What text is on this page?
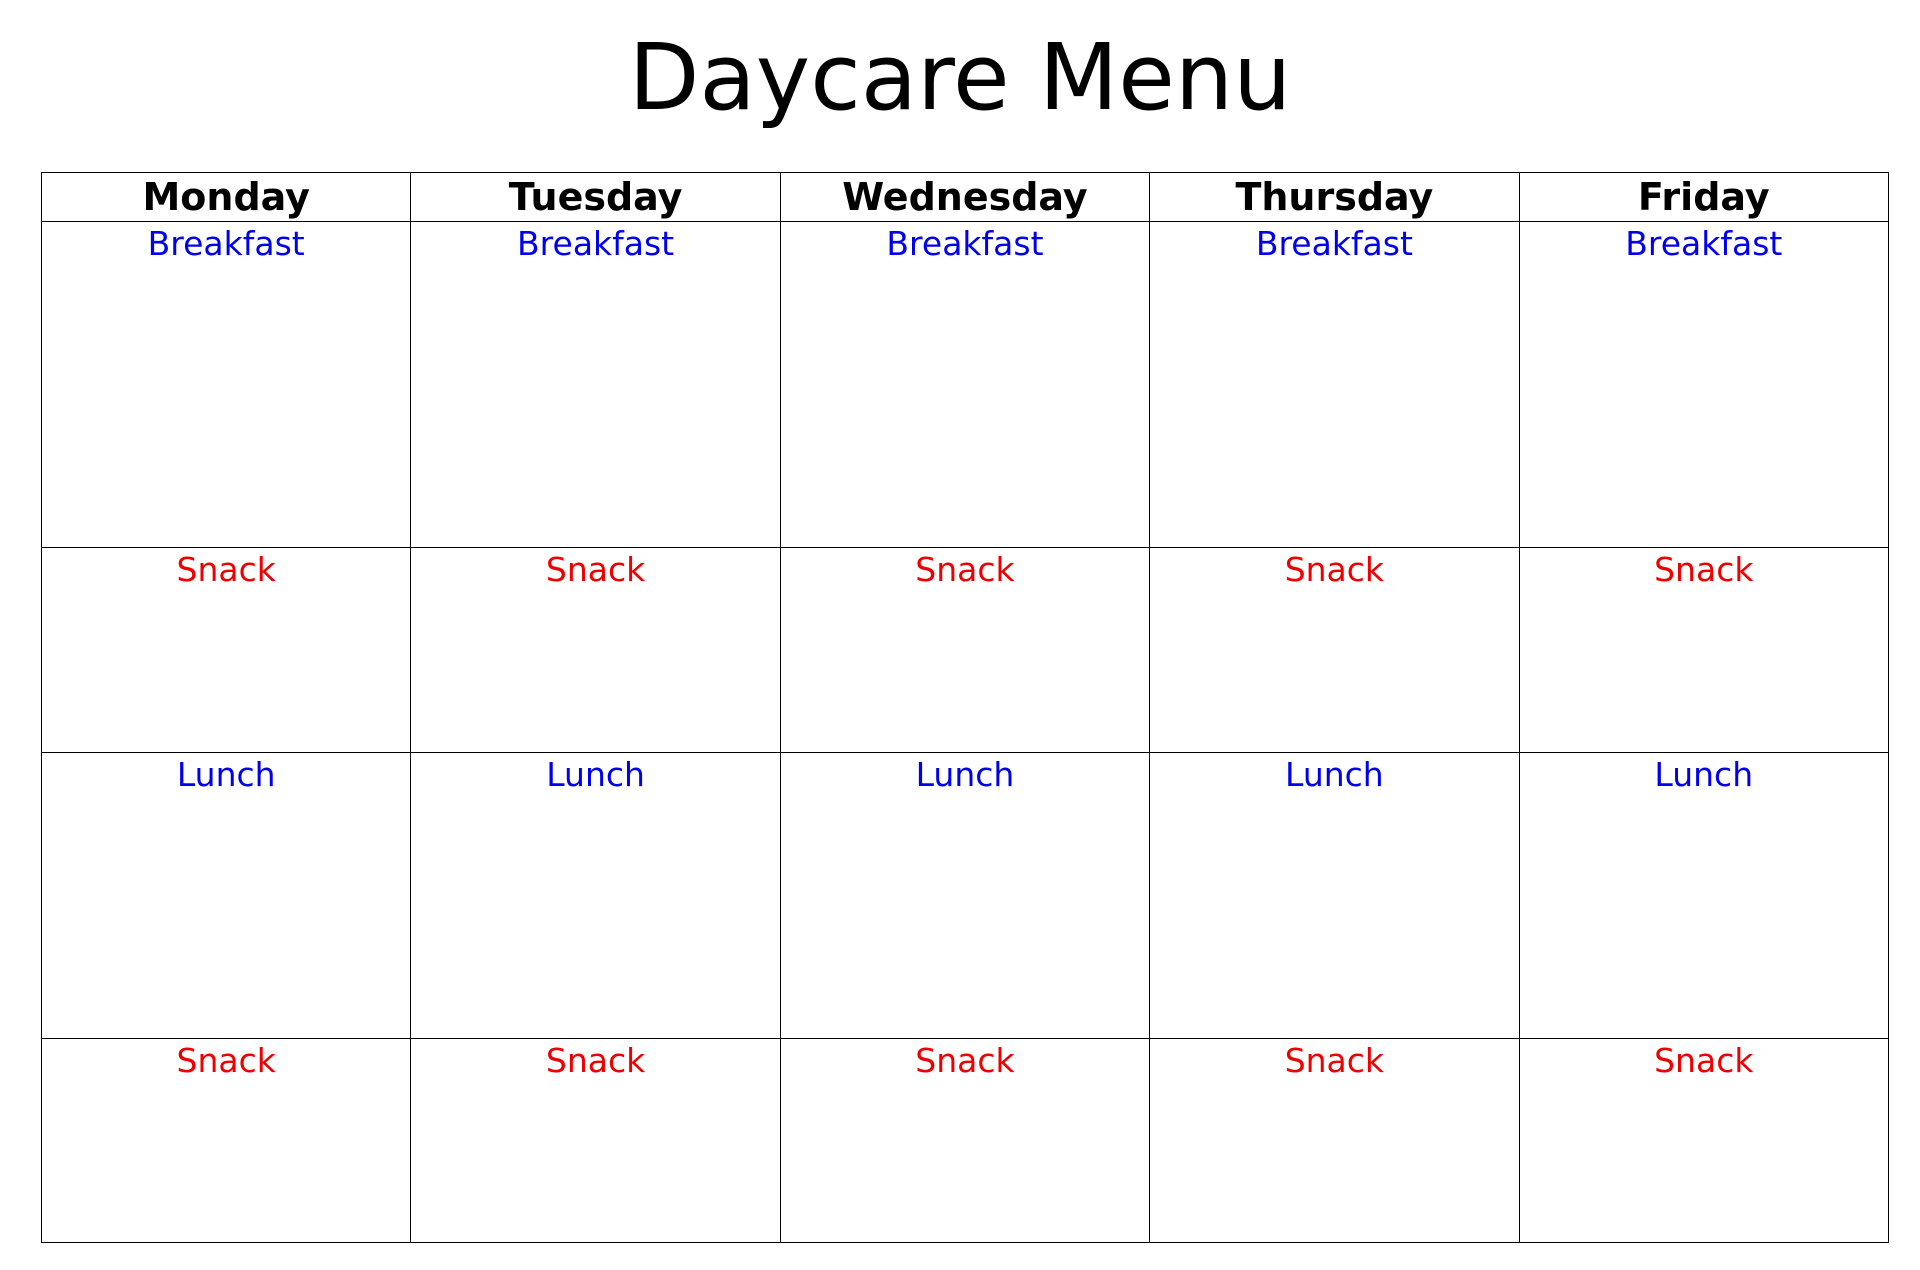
Daycare Menu
Monday	Tuesday	Wednesday	Thursday	Friday

Breakfast	Breakfast	Breakfast	Breakfast	Breakfast

Snack	Snack	Snack	Snack	Snack

Lunch	Lunch	Lunch	Lunch	Lunch

Snack	Snack	Snack	Snack	Snack
